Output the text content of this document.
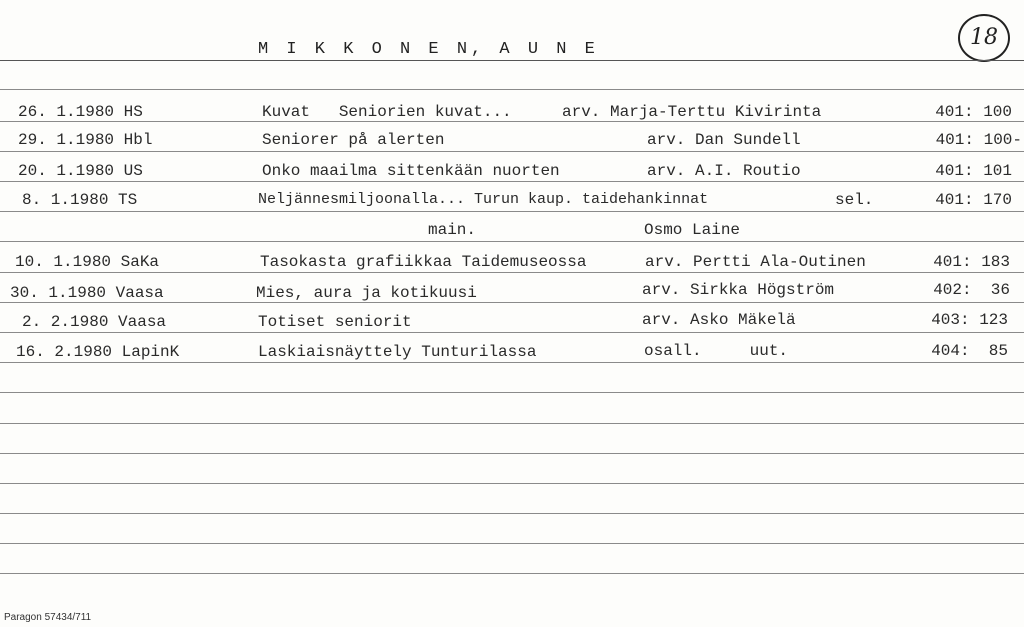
M I K K O N E N, A U N E	18
26. 1.1980 HS	Kuvat   Seniorien kuvat...	arv. Marja-Terttu Kivirinta	401: 100
29. 1.1980 Hbl	Seniorer på alerten	arv. Dan Sundell	401: 100-
20. 1.1980 US	Onko maailma sittenkään nuorten	arv. A.I. Routio	401: 101
8. 1.1980 TS	Neljännesmiljoonalla... Turun kaup. taidehankinnat	sel.	401: 170
main.	Osmo Laine
10. 1.1980 SaKa	Tasokasta grafiikkaa Taidemuseossa	arv. Pertti Ala-Outinen	401: 183
30. 1.1980 Vaasa	Mies, aura ja kotikuusi	arv. Sirkka Högström	402:  36
2. 2.1980 Vaasa	Totiset seniorit	arv. Asko Mäkelä	403: 123
16. 2.1980 LapinK	Laskiaisnäyttely Tunturilassa	osall.     uut.	404:  85
Paragon 57434/711
